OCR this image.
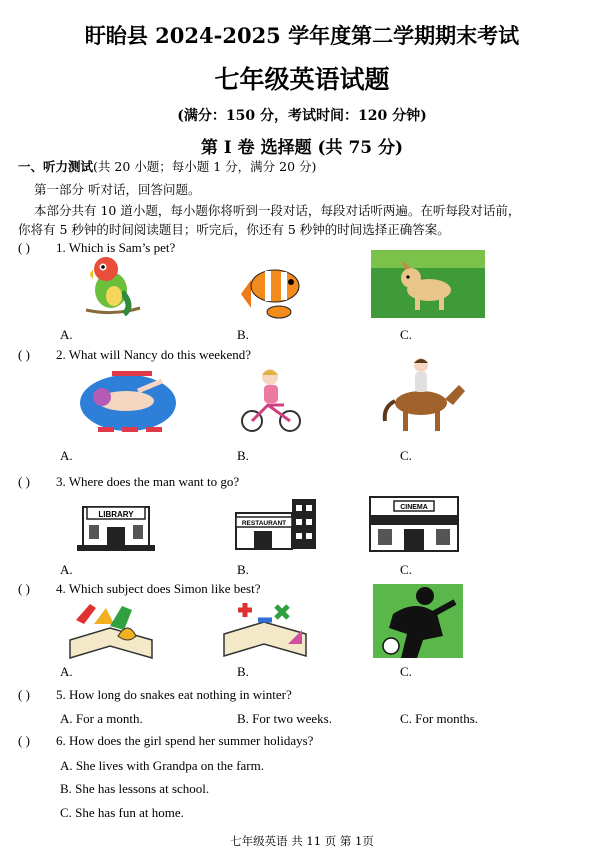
盱眙县 2024-2025 学年度第二学期期末考试
七年级英语试题
(满分：150 分，考试时间：120 分钟)
第 I 卷 选择题 (共 75 分)
一、听力测试(共 20 小题；每小题 1 分，满分 20 分)
第一部分 听对话，回答问题。
本部分共有 10 道小题，每小题你将听到一段对话，每段对话听两遍。在听每段对话前，
你将有 5 秒钟的时间阅读题目；听完后，你还有 5 秒钟的时间选择正确答案。
( ) 1. Which is Sam’s pet?
A.	B.	C.
( ) 2. What will Nancy do this weekend?
A.	B.	C.
( ) 3. Where does the man want to go?
LIBRARY
RESTAURANT
CINEMA
A.	B.	C.
( ) 4. Which subject does Simon like best?
A.	B.	C.
( ) 5. How long do snakes eat nothing in winter?
A. For a month.	B. For two weeks.	C. For months.
( ) 6. How does the girl spend her summer holidays?
A. She lives with Grandpa on the farm.
B. She has lessons at school.
C. She has fun at home.
七年级英语 共 11 页 第 1页
